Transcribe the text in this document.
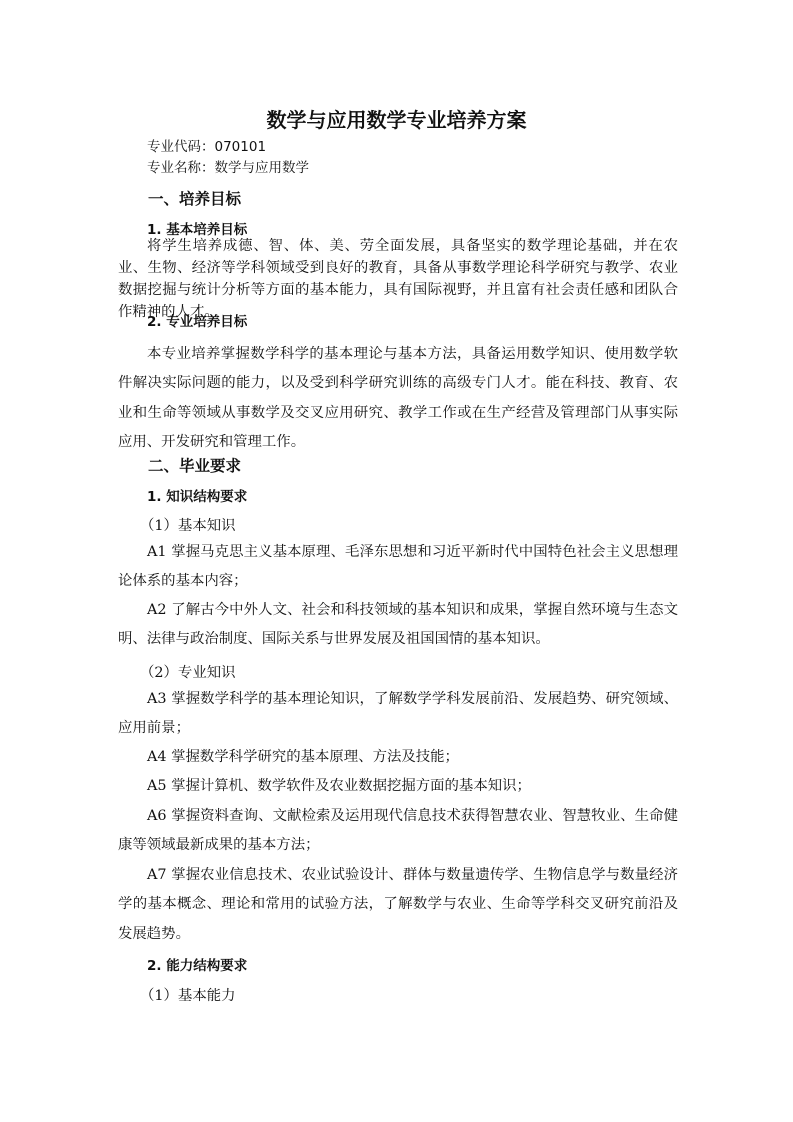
数学与应用数学专业培养方案
专业代码：070101
专业名称：数学与应用数学
一、培养目标
1. 基本培养目标

将学生培养成德、智、体、美、劳全面发展，具备坚实的数学理论基础，并在农业、生物、经济等学科领域受到良好的教育，具备从事数学理论科学研究与教学、农业数据挖掘与统计分析等方面的基本能力，具有国际视野，并且富有社会责任感和团队合作精神的人才。

2. 专业培养目标

本专业培养掌握数学科学的基本理论与基本方法，具备运用数学知识、使用数学软件解决实际问题的能力，以及受到科学研究训练的高级专门人才。能在科技、教育、农业和生命等领域从事数学及交叉应用研究、教学工作或在生产经营及管理部门从事实际应用、开发研究和管理工作。

二、毕业要求
1. 知识结构要求
（1）基本知识

A1 掌握马克思主义基本原理、毛泽东思想和习近平新时代中国特色社会主义思想理论体系的基本内容；

A2 了解古今中外人文、社会和科技领域的基本知识和成果，掌握自然环境与生态文明、法律与政治制度、国际关系与世界发展及祖国国情的基本知识。

（2）专业知识

A3 掌握数学科学的基本理论知识，了解数学学科发展前沿、发展趋势、研究领域、应用前景；

A4 掌握数学科学研究的基本原理、方法及技能；

A5 掌握计算机、数学软件及农业数据挖掘方面的基本知识；

A6 掌握资料查询、文献检索及运用现代信息技术获得智慧农业、智慧牧业、生命健康等领域最新成果的基本方法；

A7 掌握农业信息技术、农业试验设计、群体与数量遗传学、生物信息学与数量经济学的基本概念、理论和常用的试验方法，了解数学与农业、生命等学科交叉研究前沿及发展趋势。

2. 能力结构要求
（1）基本能力
